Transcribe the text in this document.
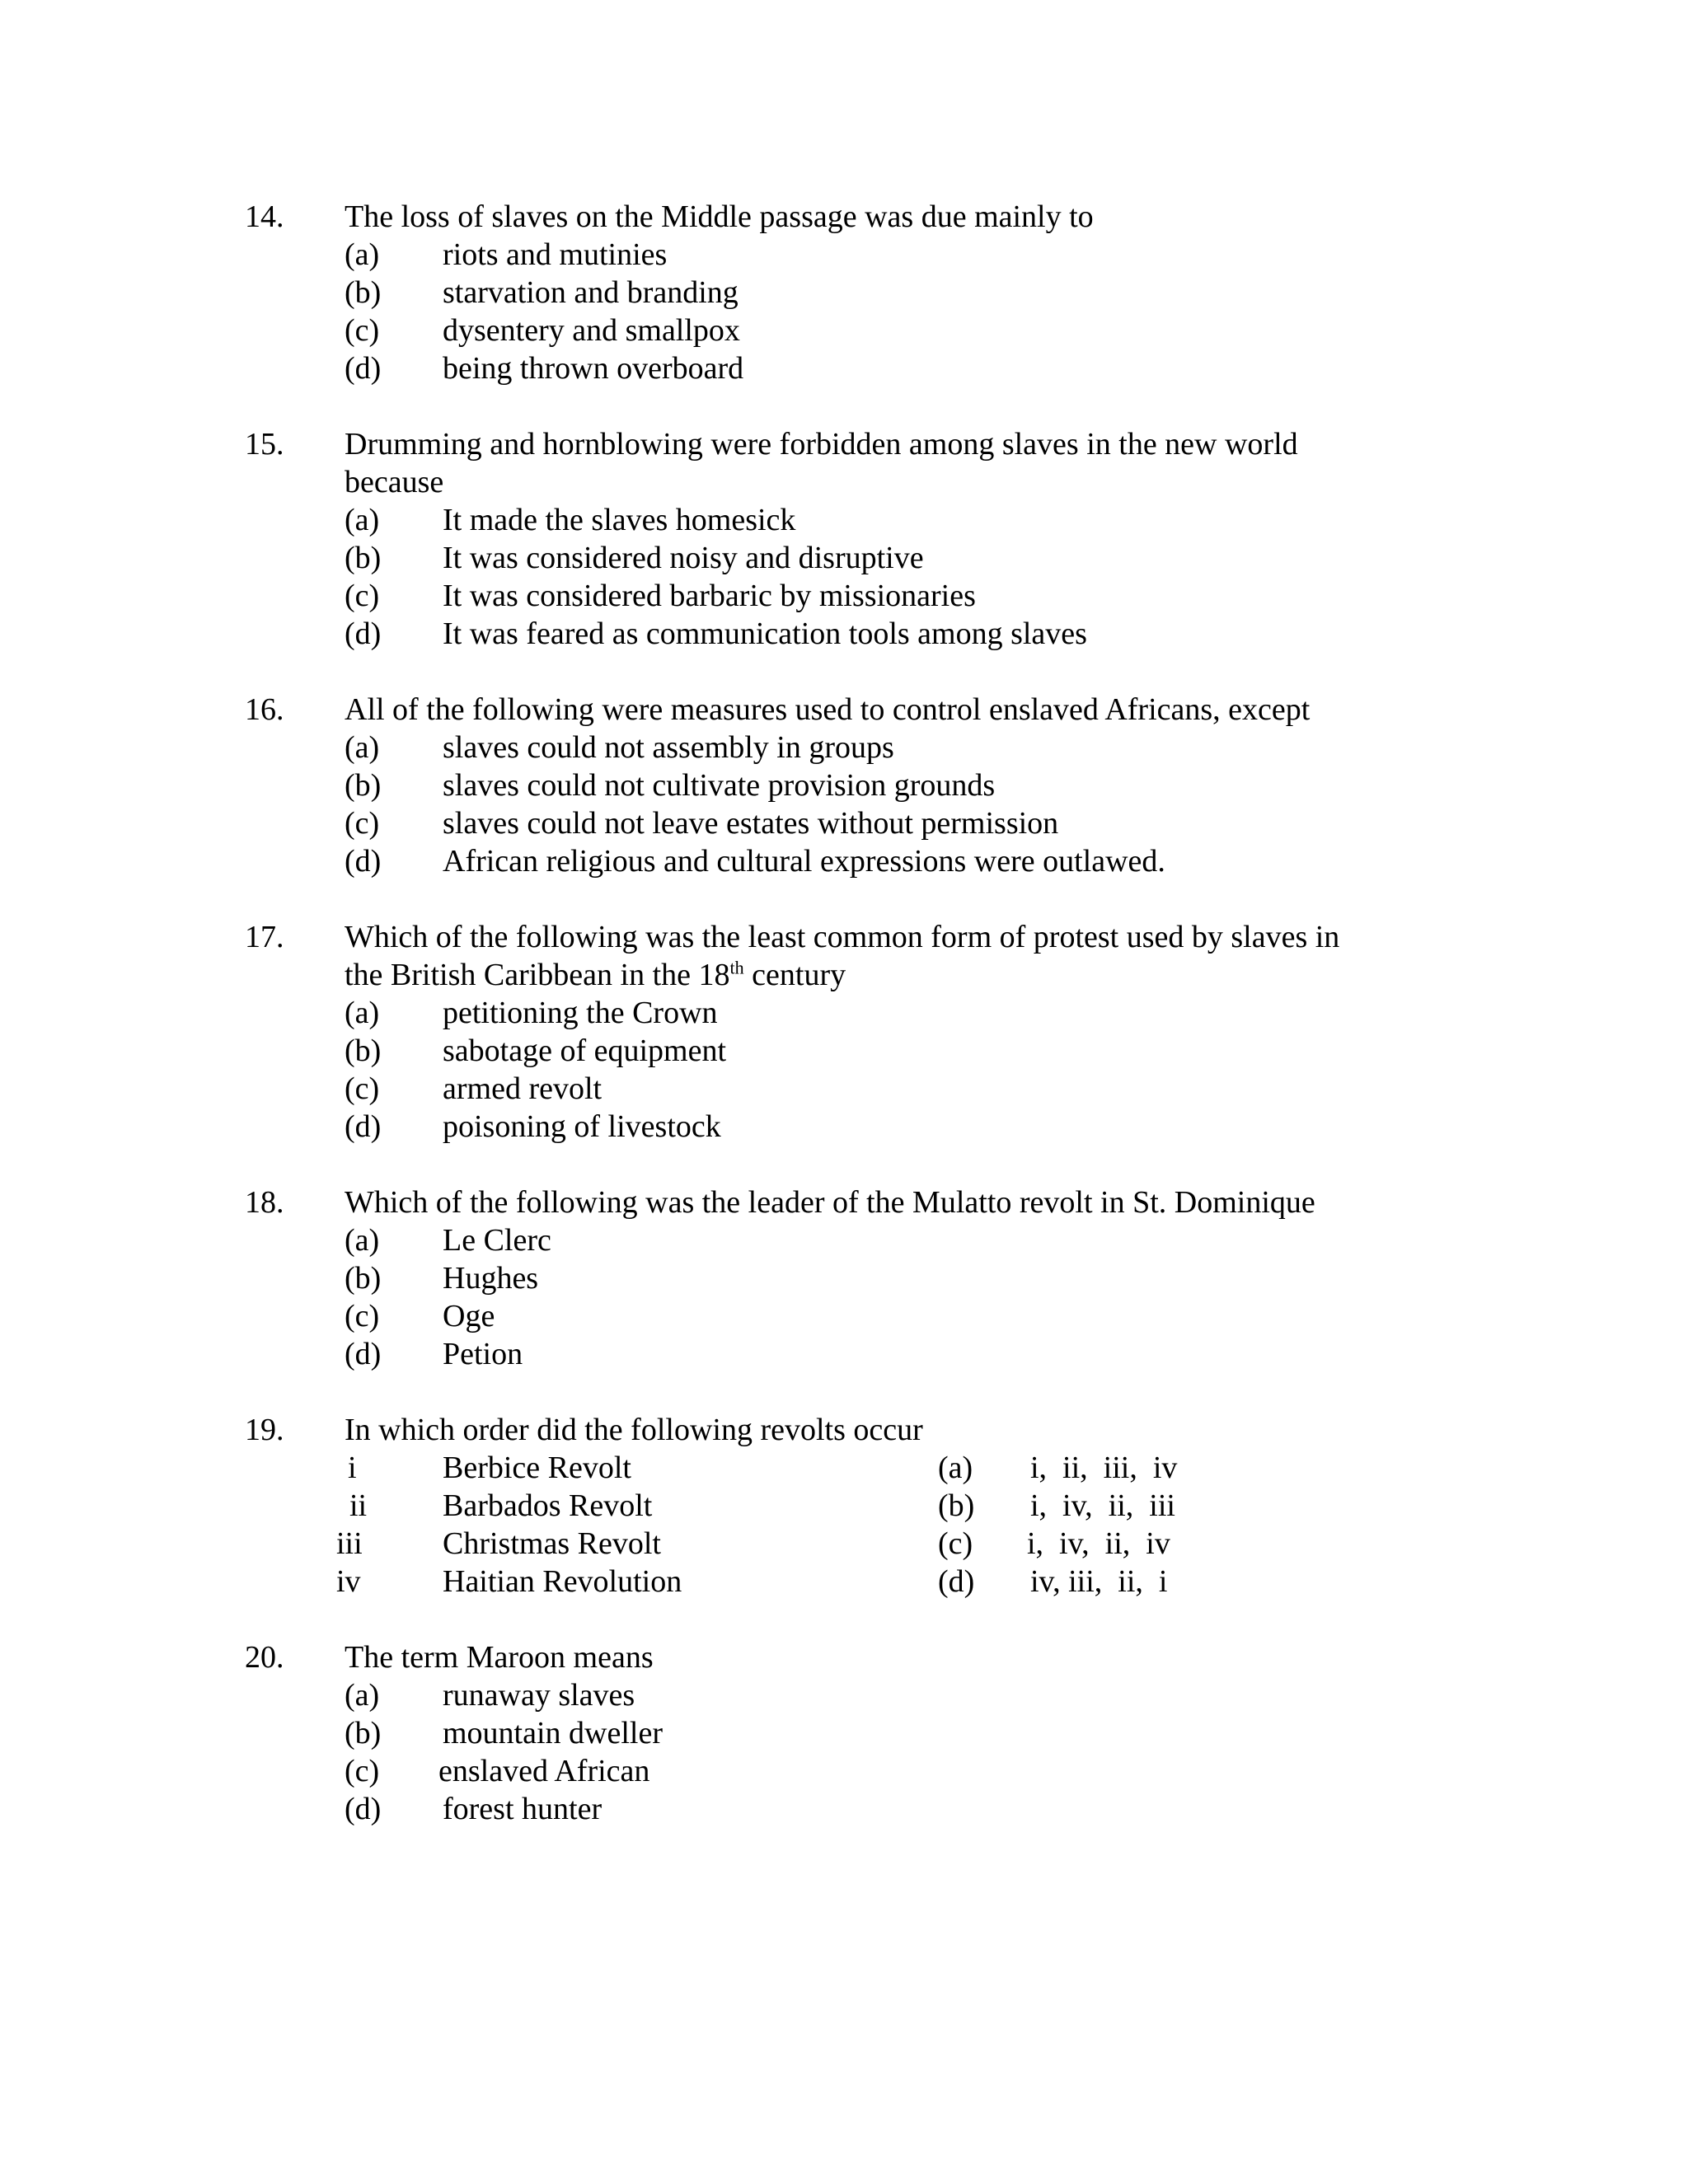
14.	The loss of slaves on the Middle passage was due mainly to
(a)	riots and mutinies
(b)	starvation and branding
(c)	dysentery and smallpox
(d)	being thrown overboard
15.	Drumming and hornblowing were forbidden among slaves in the new world
because
(a)	It made the slaves homesick
(b)	It was considered noisy and disruptive
(c)	It was considered barbaric by missionaries
(d)	It was feared as communication tools among slaves
16.	All of the following were measures used to control enslaved Africans, except
(a)	slaves could not assembly in groups
(b)	slaves could not cultivate provision grounds
(c)	slaves could not leave estates without permission
(d)	African religious and cultural expressions were outlawed.
17.	Which of the following was the least common form of protest used by slaves in
the British Caribbean in the 18th century
(a)	petitioning the Crown
(b)	sabotage of equipment
(c)	armed revolt
(d)	poisoning of livestock
18.	Which of the following was the leader of the Mulatto revolt in St. Dominique
(a)	Le Clerc
(b)	Hughes
(c)	Oge
(d)	Petion
19.	In which order did the following revolts occur
i	Berbice Revolt
ii Barbados Revolt
iii	Christmas Revolt
iv	Haitian Revolution
(a) i,  ii,  iii,  iv
(b) i,  iv,  ii,  iii
(c) i,  iv,  ii,  iv
(d) iv, iii,  ii,  i
20.	The term Maroon means
(a)	runaway slaves
(b)	mountain dweller
(c)	enslaved African
(d)	forest hunter
